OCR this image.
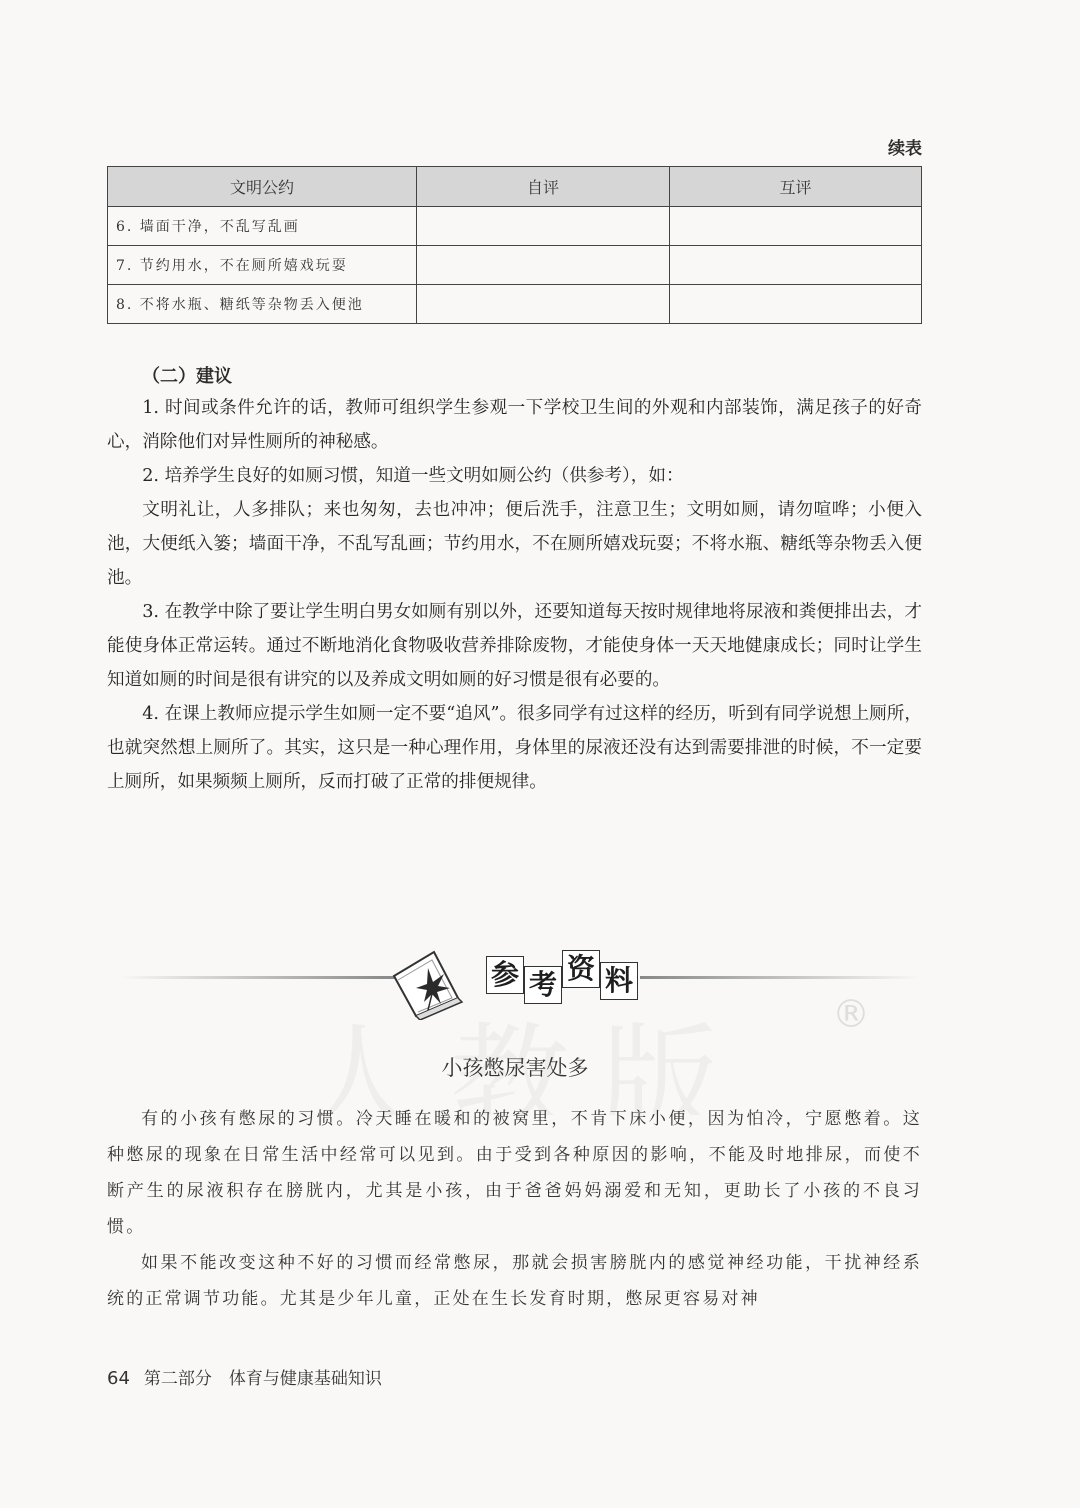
续表
文明公约	自评	互评
6. 墙面干净，不乱写乱画		
7. 节约用水，不在厕所嬉戏玩耍		
8. 不将水瓶、糖纸等杂物丢入便池		
（二）建议

1. 时间或条件允许的话，教师可组织学生参观一下学校卫生间的外观和内部装饰，满足孩子的好奇心，消除他们对异性厕所的神秘感。

2. 培养学生良好的如厕习惯，知道一些文明如厕公约（供参考），如：

文明礼让，人多排队；来也匆匆，去也冲冲；便后洗手，注意卫生；文明如厕，请勿喧哗；小便入池，大便纸入篓；墙面干净，不乱写乱画；节约用水，不在厕所嬉戏玩耍；不将水瓶、糖纸等杂物丢入便池。

3. 在教学中除了要让学生明白男女如厕有别以外，还要知道每天按时规律地将尿液和粪便排出去，才能使身体正常运转。通过不断地消化食物吸收营养排除废物，才能使身体一天天地健康成长；同时让学生知道如厕的时间是很有讲究的以及养成文明如厕的好习惯是很有必要的。

4. 在课上教师应提示学生如厕一定不要“追风”。很多同学有过这样的经历，听到有同学说想上厕所，也就突然想上厕所了。其实，这只是一种心理作用，身体里的尿液还没有达到需要排泄的时候，不一定要上厕所，如果频频上厕所，反而打破了正常的排便规律。

®
参 考 资 料
小孩憋尿害处多

有的小孩有憋尿的习惯。冷天睡在暖和的被窝里，不肯下床小便，因为怕冷，宁愿憋着。这种憋尿的现象在日常生活中经常可以见到。由于受到各种原因的影响，不能及时地排尿，而使不断产生的尿液积存在膀胱内，尤其是小孩，由于爸爸妈妈溺爱和无知，更助长了小孩的不良习惯。

如果不能改变这种不好的习惯而经常憋尿，那就会损害膀胱内的感觉神经功能，干扰神经系统的正常调节功能。尤其是少年儿童，正处在生长发育时期，憋尿更容易对神

64 第二部分　体育与健康基础知识
